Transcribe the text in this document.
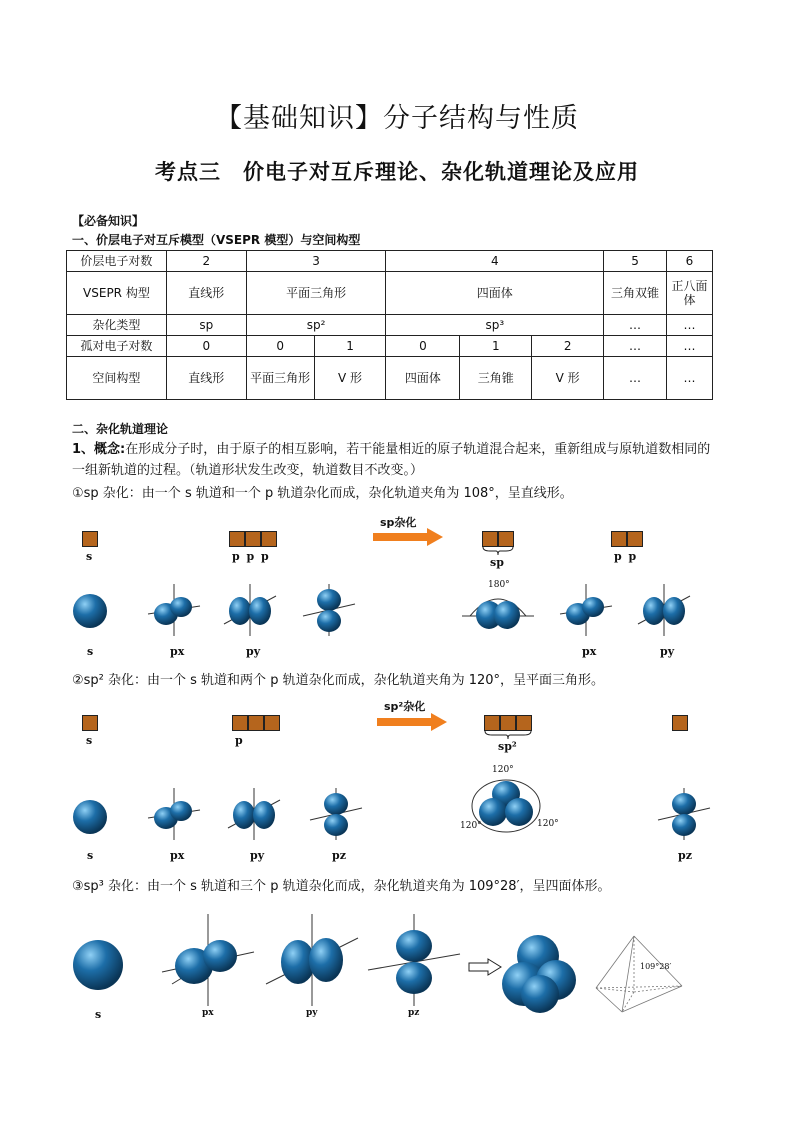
【基础知识】分子结构与性质
考点三　价电子对互斥理论、杂化轨道理论及应用
【必备知识】
一、价层电子对互斥模型（VSEPR 模型）与空间构型
价层电子对数	2	3		4			5	6
VSEPR 构型	直线形	平面三角形		四面体			三角双锥	正八面体
杂化类型	sp	sp²		sp³			…	…
孤对电子对数	0	0	1	0	1	2	…	…
空间构型	直线形	平面三角形	V 形	四面体	三角锥	V 形	…	…
二、杂化轨道理论
1、概念:在形成分子时，由于原子的相互影响，若干能量相近的原子轨道混合起来，重新组成与原轨道数相同的一组新轨道的过程。（轨道形状发生改变，轨道数目不改变。）
①sp 杂化：由一个 s 轨道和一个 p 轨道杂化而成，杂化轨道夹角为 108°，呈直线形。
s	p p p
sp杂化
sp	p p
s	px	py
180°
px	py
②sp² 杂化：由一个 s 轨道和两个 p 轨道杂化而成，杂化轨道夹角为 120°，呈平面三角形。
s	p
sp²杂化
sp²
s	px	py	pz
120°
120°	120°
pz
③sp³ 杂化：由一个 s 轨道和三个 p 轨道杂化而成，杂化轨道夹角为 109°28′，呈四面体形。
s	px	py	pz
109°28′
